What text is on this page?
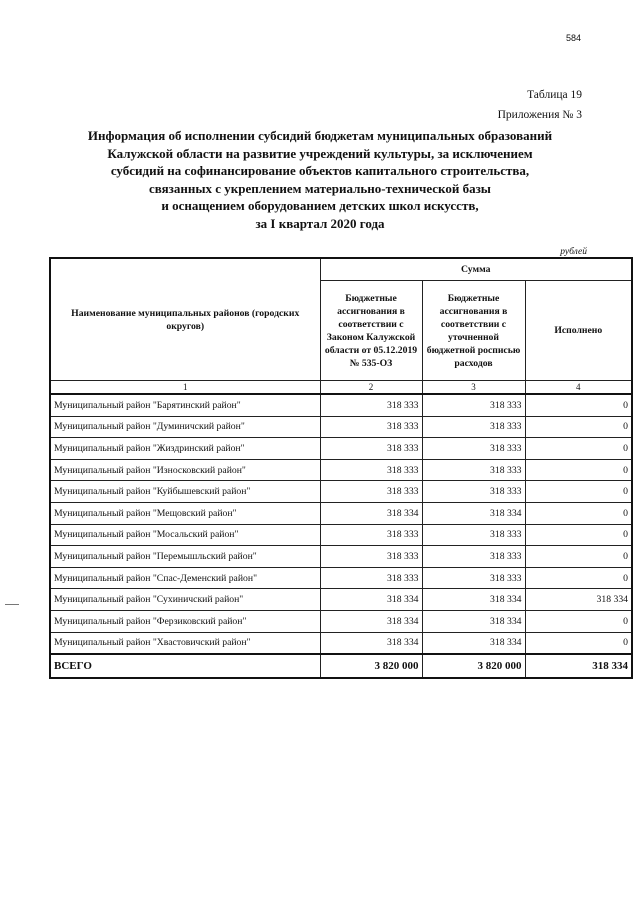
584
Таблица 19
Приложения № 3
Информация об исполнении субсидий бюджетам муниципальных образований
Калужской области на развитие учреждений культуры, за исключением
субсидий на софинансирование объектов капитального строительства,
связанных с укреплением материально-технической базы
и оснащением оборудованием детских школ искусств,
за I квартал 2020 года
рублей
Наименование муниципальных районов (городских округов)	Сумма		
	Бюджетные ассигнования в соответствии с Законом Калужской области от 05.12.2019 № 535-ОЗ	Бюджетные ассигнования в соответствии с уточненной бюджетной росписью расходов	Исполнено
1	2	3	4
Муниципальный район "Барятинский район"	318 333	318 333	0
Муниципальный район "Думиничский район"	318 333	318 333	0
Муниципальный район "Жиздринский район"	318 333	318 333	0
Муниципальный район "Износковский район"	318 333	318 333	0
Муниципальный район "Куйбышевский район"	318 333	318 333	0
Муниципальный район "Мещовский район"	318 334	318 334	0
Муниципальный район "Мосальский район"	318 333	318 333	0
Муниципальный район "Перемышльский район"	318 333	318 333	0
Муниципальный район "Спас-Деменский район"	318 333	318 333	0
Муниципальный район "Сухиничский район"	318 334	318 334	318 334
Муниципальный район "Ферзиковский район"	318 334	318 334	0
Муниципальный район "Хвастовичский район"	318 334	318 334	0
ВСЕГО	3 820 000	3 820 000	318 334
